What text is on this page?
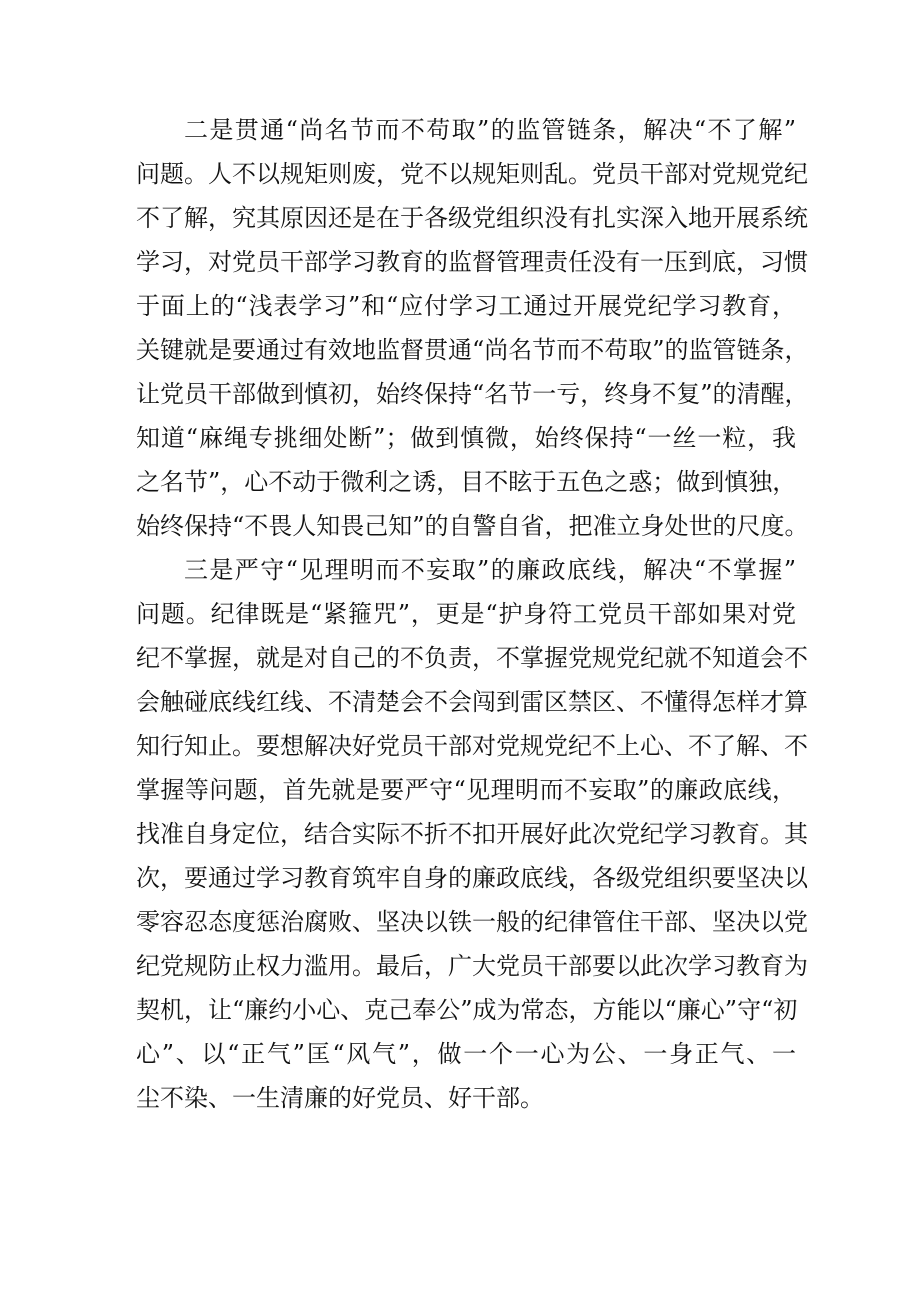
二是贯通“尚名节而不苟取”的监管链条，解决“不了解”
问题。人不以规矩则废，党不以规矩则乱。党员干部对党规党纪
不了解，究其原因还是在于各级党组织没有扎实深入地开展系统
学习，对党员干部学习教育的监督管理责任没有一压到底，习惯
于面上的“浅表学习”和“应付学习工通过开展党纪学习教育，
关键就是要通过有效地监督贯通“尚名节而不苟取”的监管链条，
让党员干部做到慎初，始终保持“名节一亏，终身不复”的清醒，
知道“麻绳专挑细处断”；做到慎微，始终保持“一丝一粒，我
之名节”，心不动于微利之诱，目不眩于五色之惑；做到慎独，
始终保持“不畏人知畏己知”的自警自省，把准立身处世的尺度。
三是严守“见理明而不妄取”的廉政底线，解决“不掌握”
问题。纪律既是“紧箍咒”，更是“护身符工党员干部如果对党
纪不掌握，就是对自己的不负责，不掌握党规党纪就不知道会不
会触碰底线红线、不清楚会不会闯到雷区禁区、不懂得怎样才算
知行知止。要想解决好党员干部对党规党纪不上心、不了解、不
掌握等问题，首先就是要严守“见理明而不妄取”的廉政底线，
找准自身定位，结合实际不折不扣开展好此次党纪学习教育。其
次，要通过学习教育筑牢自身的廉政底线，各级党组织要坚决以
零容忍态度惩治腐败、坚决以铁一般的纪律管住干部、坚决以党
纪党规防止权力滥用。最后，广大党员干部要以此次学习教育为
契机，让“廉约小心、克己奉公”成为常态，方能以“廉心”守“初
心”、以“正气”匡“风气”，做一个一心为公、一身正气、一
尘不染、一生清廉的好党员、好干部。
